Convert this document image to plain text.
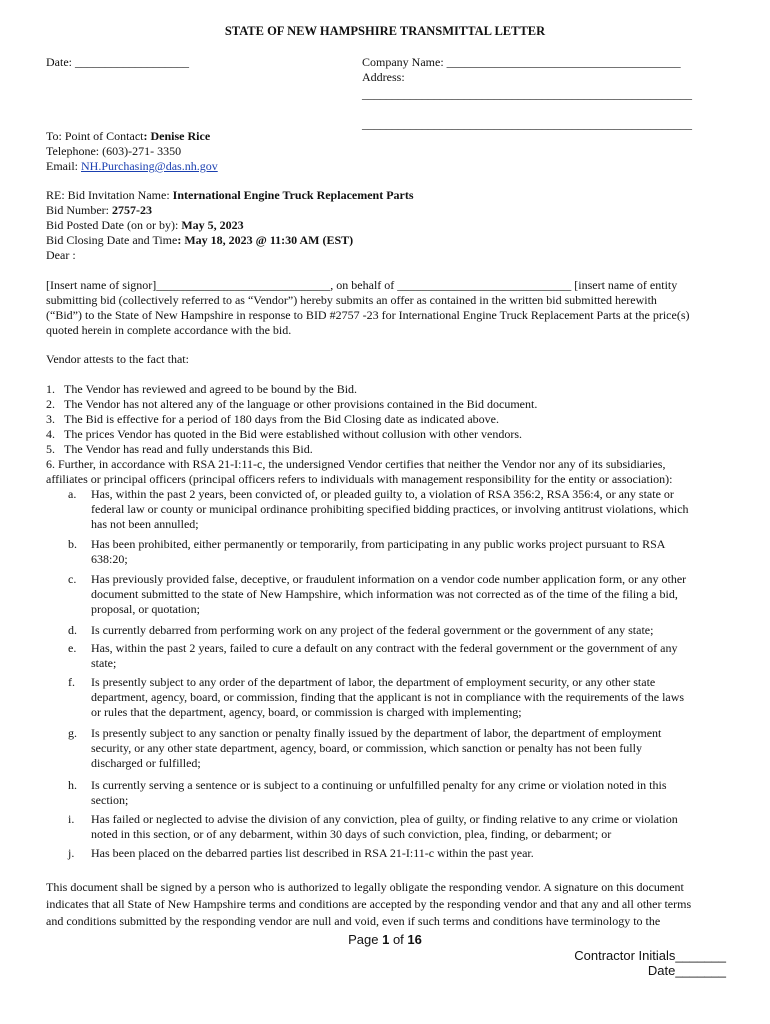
STATE OF NEW HAMPSHIRE TRANSMITTAL LETTER
Date: ___________________	Company Name: _______________________________________
Address:
_______________________________________________________
_______________________________________________________
To: Point of Contact: Denise Rice
Telephone: (603)-271- 3350
Email: NH.Purchasing@das.nh.gov
RE: Bid Invitation Name: International Engine Truck Replacement Parts
Bid Number: 2757-23
Bid Posted Date (on or by): May 5, 2023
Bid Closing Date and Time: May 18, 2023 @ 11:30 AM (EST)
Dear :
[Insert name of signor]_____________________________, on behalf of _____________________________ [insert name of entity
submitting bid (collectively referred to as “Vendor”) hereby submits an offer as contained in the written bid submitted herewith
(“Bid”) to the State of New Hampshire in response to BID #2757 -23 for International Engine Truck Replacement Parts at the price(s)
quoted herein in complete accordance with the bid.
Vendor attests to the fact that:
1. The Vendor has reviewed and agreed to be bound by the Bid.
2. The Vendor has not altered any of the language or other provisions contained in the Bid document.
3. The Bid is effective for a period of 180 days from the Bid Closing date as indicated above.
4. The prices Vendor has quoted in the Bid were established without collusion with other vendors.
5. The Vendor has read and fully understands this Bid.
6. Further, in accordance with RSA 21-I:11-c, the undersigned Vendor certifies that neither the Vendor nor any of its subsidiaries,
affiliates or principal officers (principal officers refers to individuals with management responsibility for the entity or association):
a.	Has, within the past 2 years, been convicted of, or pleaded guilty to, a violation of RSA 356:2, RSA 356:4, or any state or
federal law or county or municipal ordinance prohibiting specified bidding practices, or involving antitrust violations, which
has not been annulled;
b.	Has been prohibited, either permanently or temporarily, from participating in any public works project pursuant to RSA
638:20;
c.	Has previously provided false, deceptive, or fraudulent information on a vendor code number application form, or any other
document submitted to the state of New Hampshire, which information was not corrected as of the time of the filing a bid,
proposal, or quotation;
d.	Is currently debarred from performing work on any project of the federal government or the government of any state;
e.	Has, within the past 2 years, failed to cure a default on any contract with the federal government or the government of any
state;
f.	Is presently subject to any order of the department of labor, the department of employment security, or any other state
department, agency, board, or commission, finding that the applicant is not in compliance with the requirements of the laws
or rules that the department, agency, board, or commission is charged with implementing;
g.	Is presently subject to any sanction or penalty finally issued by the department of labor, the department of employment
security, or any other state department, agency, board, or commission, which sanction or penalty has not been fully
discharged or fulfilled;
h.	Is currently serving a sentence or is subject to a continuing or unfulfilled penalty for any crime or violation noted in this
section;
i.	Has failed or neglected to advise the division of any conviction, plea of guilty, or finding relative to any crime or violation
noted in this section, or of any debarment, within 30 days of such conviction, plea, finding, or debarment; or
j.	Has been placed on the debarred parties list described in RSA 21-I:11-c within the past year.
This document shall be signed by a person who is authorized to legally obligate the responding vendor. A signature on this document
indicates that all State of New Hampshire terms and conditions are accepted by the responding vendor and that any and all other terms
and conditions submitted by the responding vendor are null and void, even if such terms and conditions have terminology to the
Page 1 of 16
Contractor Initials_______
Date_______
